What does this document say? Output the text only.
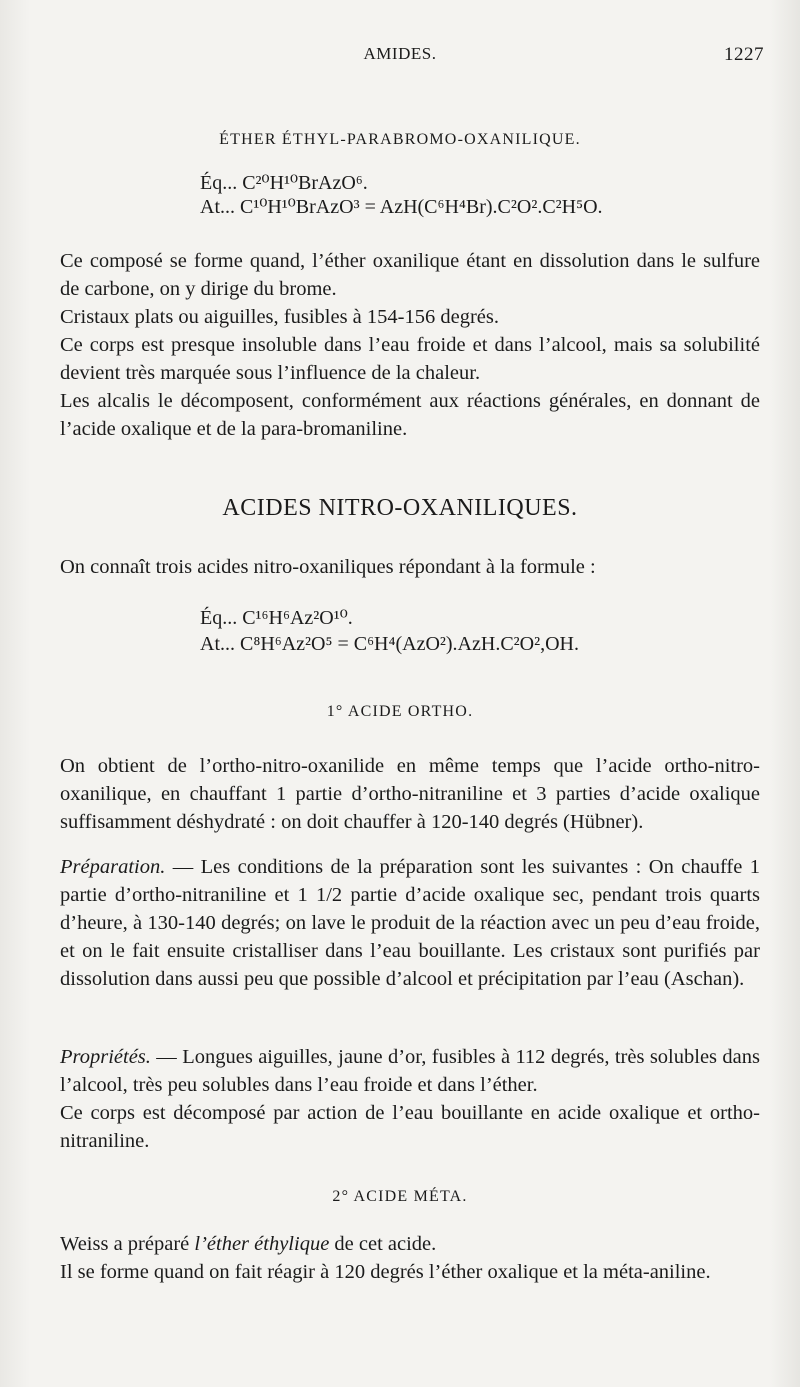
AMIDES.	1227
ÉTHER ÉTHYL-PARABROMO-OXANILIQUE.
Éq... C²⁰H¹⁰BrAzO⁶.
At... C¹⁰H¹⁰BrAzO³ = AzH(C⁶H⁴Br).C²O².C²H⁵O.
Ce composé se forme quand, l’éther oxanilique étant en dissolution dans le sulfure de carbone, on y dirige du brome.
Cristaux plats ou aiguilles, fusibles à 154-156 degrés.
Ce corps est presque insoluble dans l’eau froide et dans l’alcool, mais sa solubilité devient très marquée sous l’influence de la chaleur.
Les alcalis le décomposent, conformément aux réactions générales, en donnant de l’acide oxalique et de la para-bromaniline.
ACIDES NITRO-OXANILIQUES.
On connaît trois acides nitro-oxaniliques répondant à la formule :
Éq... C¹⁶H⁶Az²O¹⁰.
At... C⁸H⁶Az²O⁵ = C⁶H⁴(AzO²).AzH.C²O²,OH.
1° ACIDE ORTHO.
On obtient de l’ortho-nitro-oxanilide en même temps que l’acide ortho-nitro-oxanilique, en chauffant 1 partie d’ortho-nitraniline et 3 parties d’acide oxalique suffisamment déshydraté : on doit chauffer à 120-140 degrés (Hübner).
Préparation. — Les conditions de la préparation sont les suivantes : On chauffe 1 partie d’ortho-nitraniline et 1 1/2 partie d’acide oxalique sec, pendant trois quarts d’heure, à 130-140 degrés; on lave le produit de la réaction avec un peu d’eau froide, et on le fait ensuite cristalliser dans l’eau bouillante. Les cristaux sont purifiés par dissolution dans aussi peu que possible d’alcool et précipitation par l’eau (Aschan).
Propriétés. — Longues aiguilles, jaune d’or, fusibles à 112 degrés, très solubles dans l’alcool, très peu solubles dans l’eau froide et dans l’éther.
Ce corps est décomposé par action de l’eau bouillante en acide oxalique et ortho-nitraniline.
2° ACIDE MÉTA.
Weiss a préparé l’éther éthylique de cet acide.
Il se forme quand on fait réagir à 120 degrés l’éther oxalique et la méta-aniline.
